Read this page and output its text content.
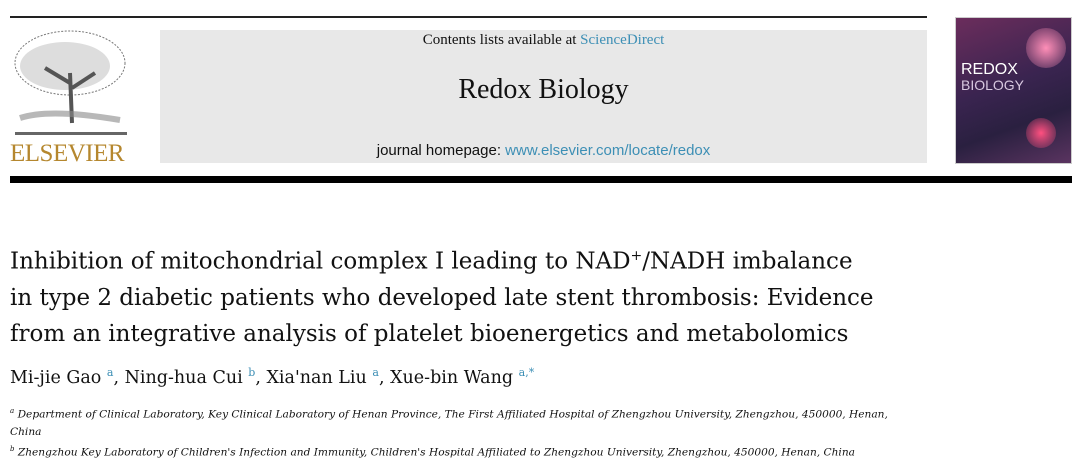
ELSEVIER
Contents lists available at ScienceDirect
Redox Biology
journal homepage: www.elsevier.com/locate/redox
REDOX
BIOLOGY
Inhibition of mitochondrial complex I leading to NAD+/NADH imbalance
in type 2 diabetic patients who developed late stent thrombosis: Evidence
from an integrative analysis of platelet bioenergetics and metabolomics
Mi-jie Gao $^a$, Ning-hua Cui $^b$, Xia'nan Liu $^a$, Xue-bin Wang $^{a,*}$
$^a$ Department of Clinical Laboratory, Key Clinical Laboratory of Henan Province, The First Affiliated Hospital of Zhengzhou University, Zhengzhou, 450000, Henan,
China
$^b$ Zhengzhou Key Laboratory of Children's Infection and Immunity, Children's Hospital Affiliated to Zhengzhou University, Zhengzhou, 450000, Henan, China
